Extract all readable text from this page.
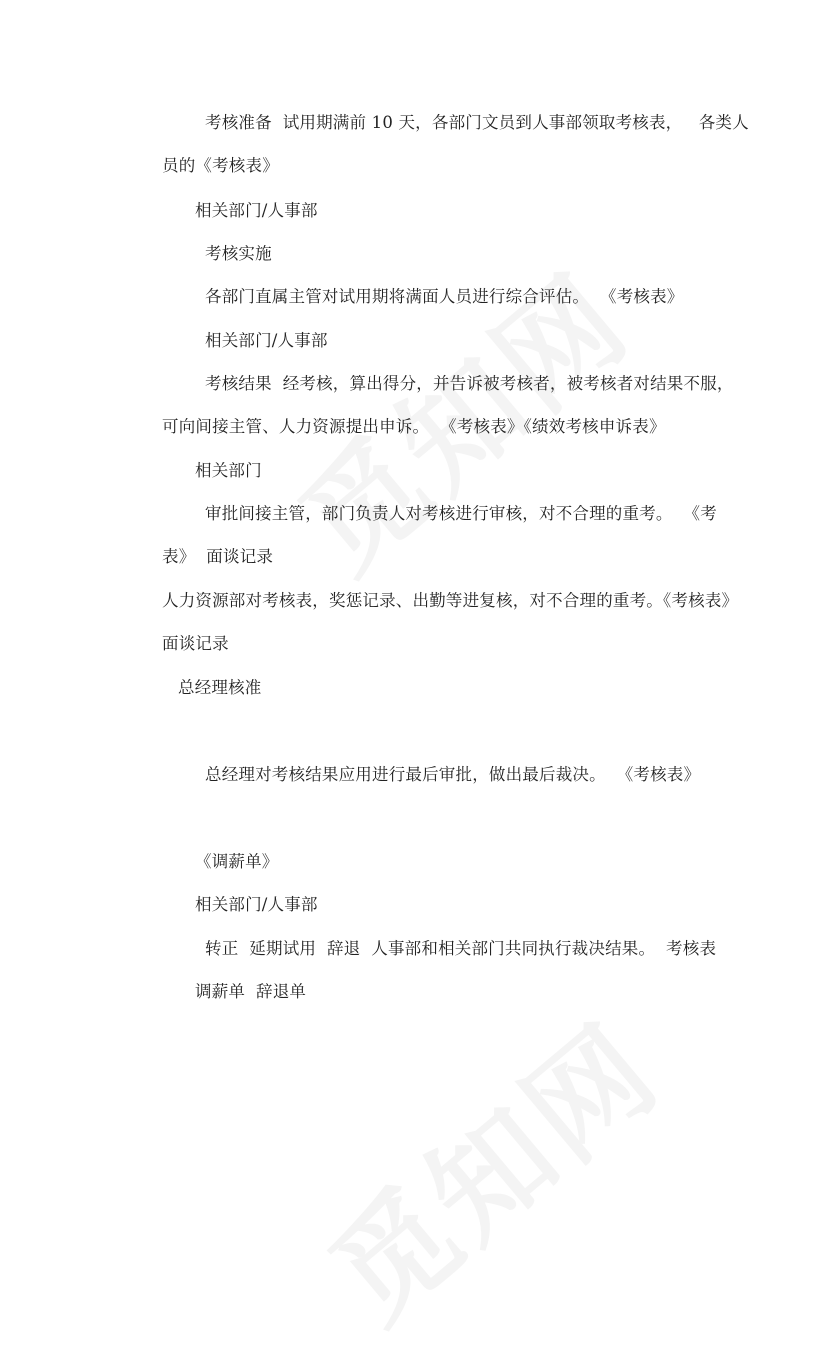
考核准备  试用期满前 10 天，各部门文员到人事部领取考核表，   各类人
员的《考核表》
相关部门/人事部
考核实施
各部门直属主管对试用期将满面人员进行综合评估。  《考核表》
相关部门/人事部
考核结果  经考核，算出得分，并告诉被考核者，被考核者对结果不服，
可向间接主管、人力资源提出申诉。  《考核表》《绩效考核申诉表》
相关部门
审批间接主管，部门负责人对考核进行审核，对不合理的重考。  《考
表》  面谈记录
人力资源部对考核表，奖惩记录、出勤等进复核，对不合理的重考。《考核表》
面谈记录
总经理核准
总经理对考核结果应用进行最后审批，做出最后裁决。  《考核表》
《调薪单》
相关部门/人事部
转正  延期试用  辞退  人事部和相关部门共同执行裁决结果。  考核表
调薪单  辞退单
